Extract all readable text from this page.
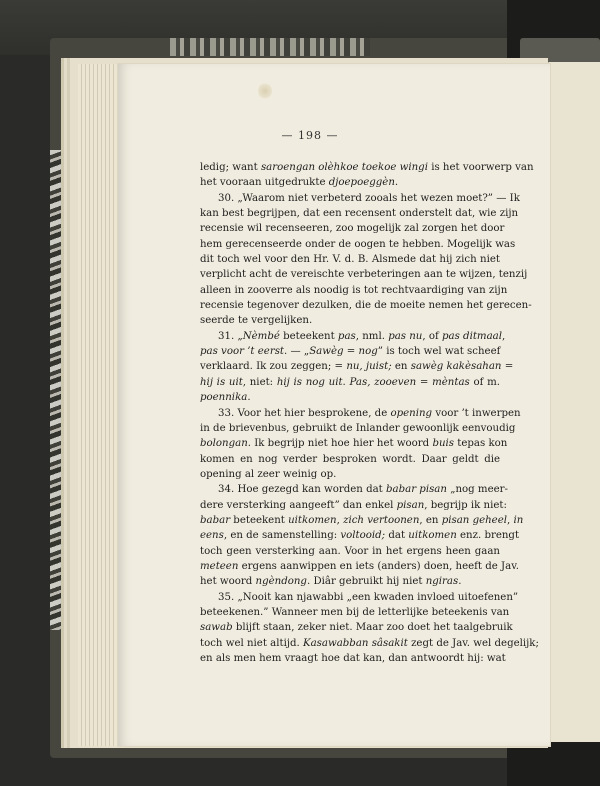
— 198 —
ledig; want saroengan olèhkoe toekoe wingi is het voorwerp van
het vooraan uitgedrukte djoepoeggèn.
30. „Waarom niet verbeterd zooals het wezen moet?” — Ik
kan best begrijpen, dat een recensent onderstelt dat, wie zijn
recensie wil recenseeren, zoo mogelijk zal zorgen het door
hem gerecenseerde onder de oogen te hebben. Mogelijk was
dit toch wel voor den Hr. V. d. B. Alsmede dat hij zich niet
verplicht acht de vereischte verbeteringen aan te wijzen, tenzij
alleen in zooverre als noodig is tot rechtvaardiging van zijn
recensie tegenover dezulken, die de moeite nemen het gerecen-
seerde te vergelijken.
31. „Nèmbé beteekent pas, nml. pas nu, of pas ditmaal,
pas voor ’t eerst. — „Sawèg = nog” is toch wel wat scheef
verklaard. Ik zou zeggen; = nu, juist; en sawèg kakèsahan =
hij is uit, niet: hij is nog uit. Pas, zooeven = mèntas of m.
poennika.
33. Voor het hier besprokene, de opening voor ’t inwerpen
in de brievenbus, gebruikt de Inlander gewoonlijk eenvoudig
bolongan. Ik begrijp niet hoe hier het woord buis tepas kon
komen en nog verder besproken wordt. Daar geldt die
opening al zeer weinig op.
34. Hoe gezegd kan worden dat babar pisan „nog meer-
dere versterking aangeeft” dan enkel pisan, begrijp ik niet:
babar beteekent uitkomen, zich vertoonen, en pisan geheel, in
eens, en de samenstelling: voltooid; dat uitkomen enz. brengt
toch geen versterking aan. Voor in het ergens heen gaan
meteen ergens aanwippen en iets (anders) doen, heeft de Jav.
het woord ngèndong. Diâr gebruikt hij niet ngiras.
35. „Nooit kan njawabbi „een kwaden invloed uitoefenen”
beteekenen.” Wanneer men bij de letterlijke beteekenis van
sawab blijft staan, zeker niet. Maar zoo doet het taalgebruik
toch wel niet altijd. Kasawabban sâsakit zegt de Jav. wel degelijk;
en als men hem vraagt hoe dat kan, dan antwoordt hij: wat
